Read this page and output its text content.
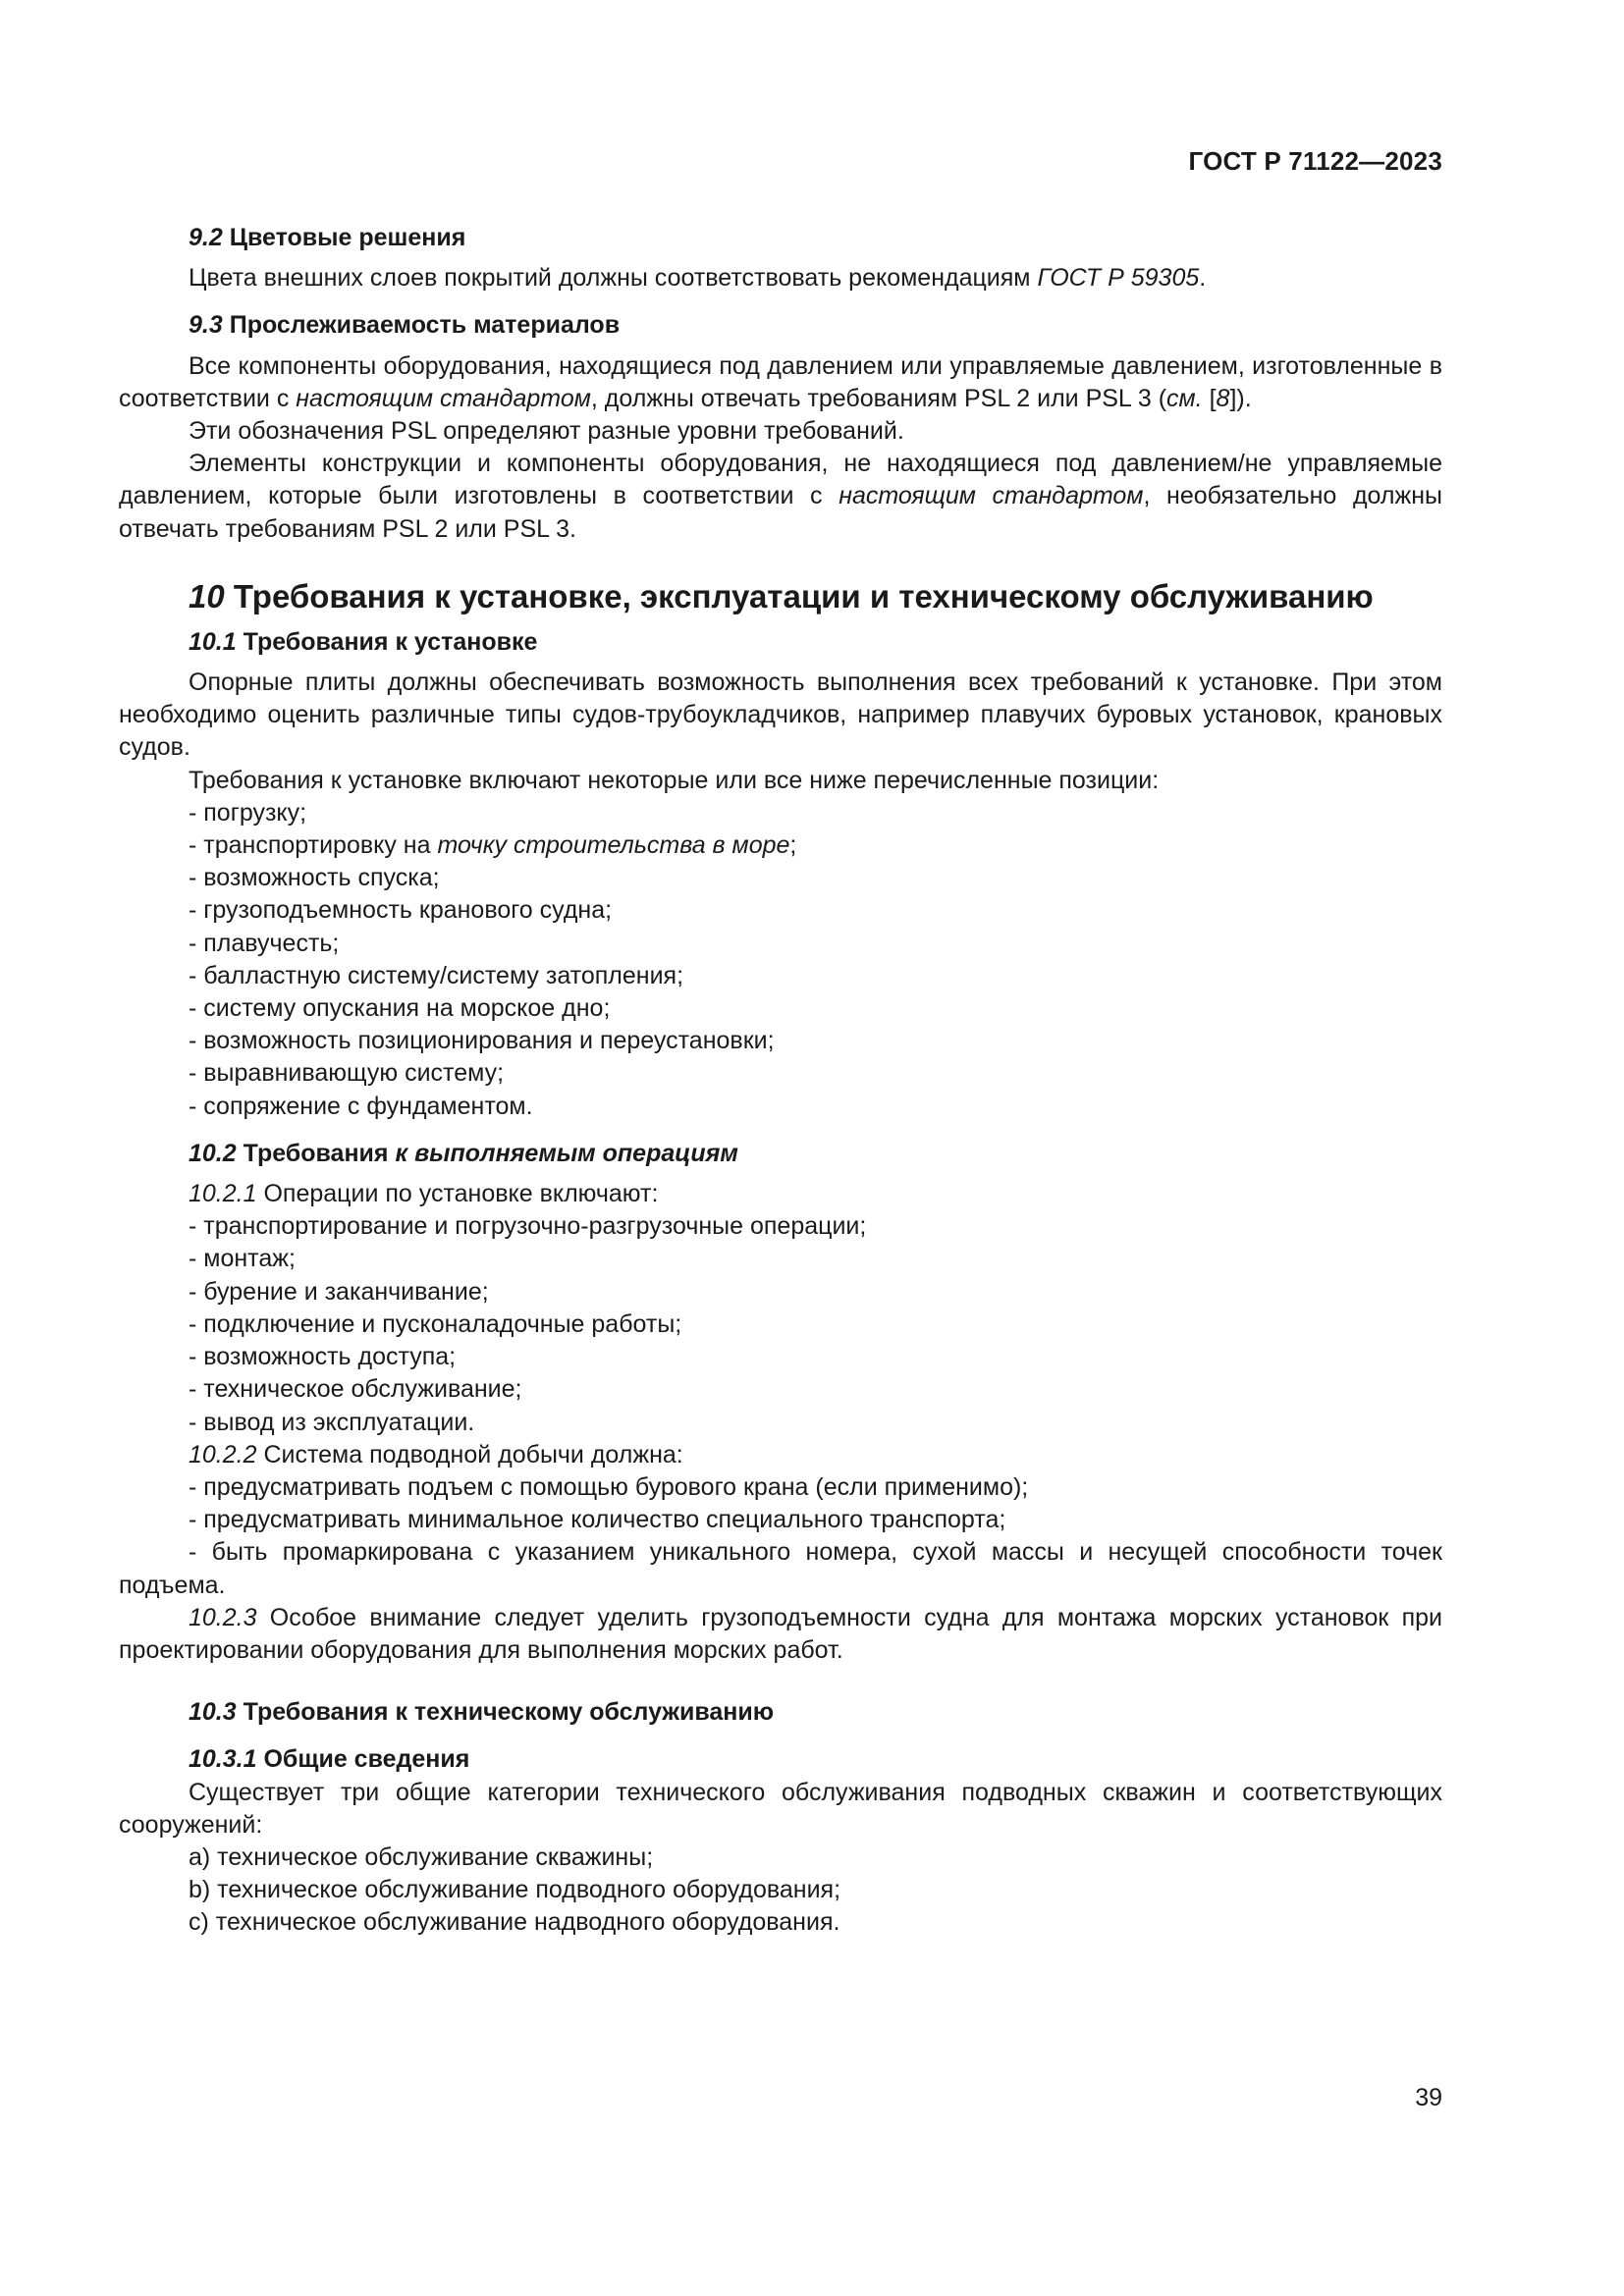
ГОСТ Р 71122—2023

9.2 Цветовые решения

Цвета внешних слоев покрытий должны соответствовать рекомендациям ГОСТ Р 59305.

9.3 Прослеживаемость материалов

Все компоненты оборудования, находящиеся под давлением или управляемые давлением, изготовленные в соответствии с настоящим стандартом, должны отвечать требованиям PSL 2 или PSL 3 (см. [8]).

Эти обозначения PSL определяют разные уровни требований.

Элементы конструкции и компоненты оборудования, не находящиеся под давлением/не управляемые давлением, которые были изготовлены в соответствии с настоящим стандартом, необязательно должны отвечать требованиям PSL 2 или PSL 3.

10 Требования к установке, эксплуатации и техническому обслуживанию

10.1 Требования к установке

Опорные плиты должны обеспечивать возможность выполнения всех требований к установке. При этом необходимо оценить различные типы судов-трубоукладчиков, например плавучих буровых установок, крановых судов.

Требования к установке включают некоторые или все ниже перечисленные позиции:

- погрузку;
- транспортировку на точку строительства в море;
- возможность спуска;
- грузоподъемность кранового судна;
- плавучесть;
- балластную систему/систему затопления;
- систему опускания на морское дно;
- возможность позиционирования и переустановки;
- выравнивающую систему;
- сопряжение с фундаментом.

10.2 Требования к выполняемым операциям

10.2.1 Операции по установке включают:

- транспортирование и погрузочно-разгрузочные операции;
- монтаж;
- бурение и заканчивание;
- подключение и пусконаладочные работы;
- возможность доступа;
- техническое обслуживание;
- вывод из эксплуатации.

10.2.2 Система подводной добычи должна:

- предусматривать подъем с помощью бурового крана (если применимо);
- предусматривать минимальное количество специального транспорта;

- быть промаркирована с указанием уникального номера, сухой массы и несущей способности точек подъема.

10.2.3 Особое внимание следует уделить грузоподъемности судна для монтажа морских установок при проектировании оборудования для выполнения морских работ.

10.3 Требования к техническому обслуживанию

10.3.1 Общие сведения

Существует три общие категории технического обслуживания подводных скважин и соответствующих сооружений:

a) техническое обслуживание скважины;
b) техническое обслуживание подводного оборудования;
c) техническое обслуживание надводного оборудования.
39
